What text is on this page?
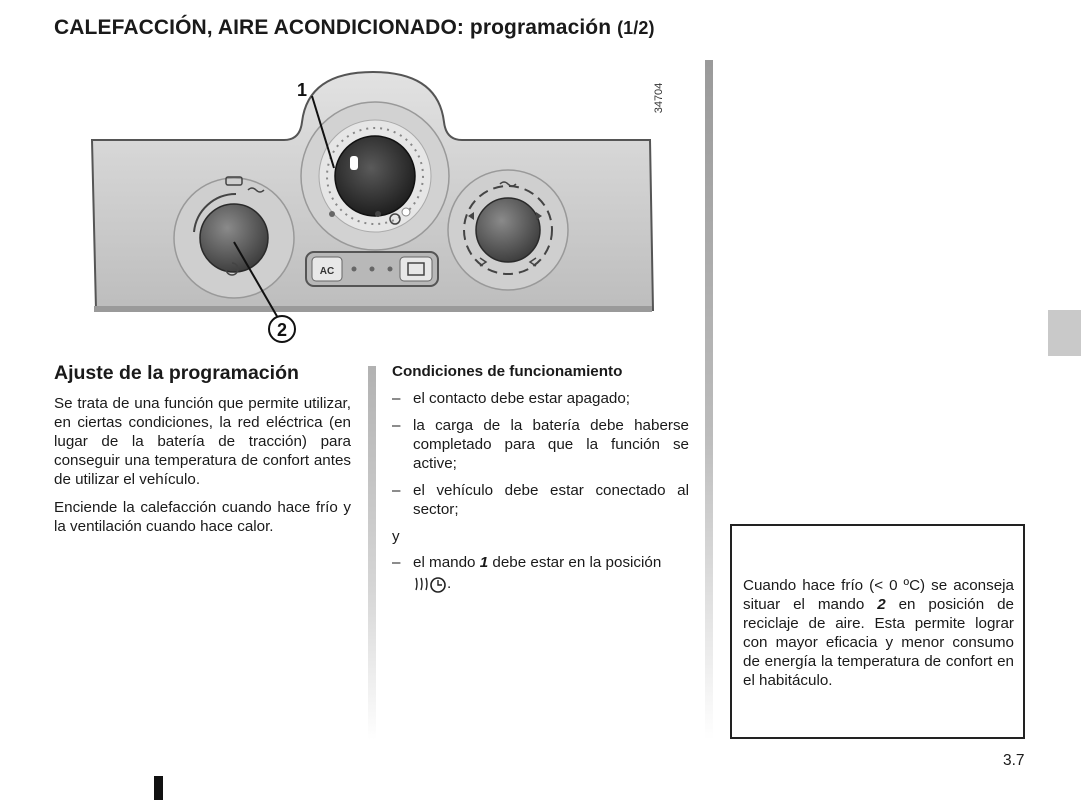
CALEFACCIÓN, AIRE ACONDICIONADO: programación (1/2)
AC
1
2
34704
Ajuste de la programación

Se trata de una función que permite utilizar, en ciertas condiciones, la red eléctrica (en lugar de la batería de tracción) para conseguir una temperatura de confort antes de utilizar el vehículo.

Enciende la calefacción cuando hace frío y la ventilación cuando hace calor.

Condiciones de funcionamiento
– el contacto debe estar apagado;
– la carga de la batería debe haberse completado para que la función se active;
– el vehículo debe estar conectado al sector;
y
– el mando 1 debe estar en la posición
.	Cuando hace frío (< 0 ºC) se aconseja situar el mando 2 en posición de reciclaje de aire. Esta permite lograr con mayor eficacia y menor consumo de energía la temperatura de confort en el habitáculo.

3.7
